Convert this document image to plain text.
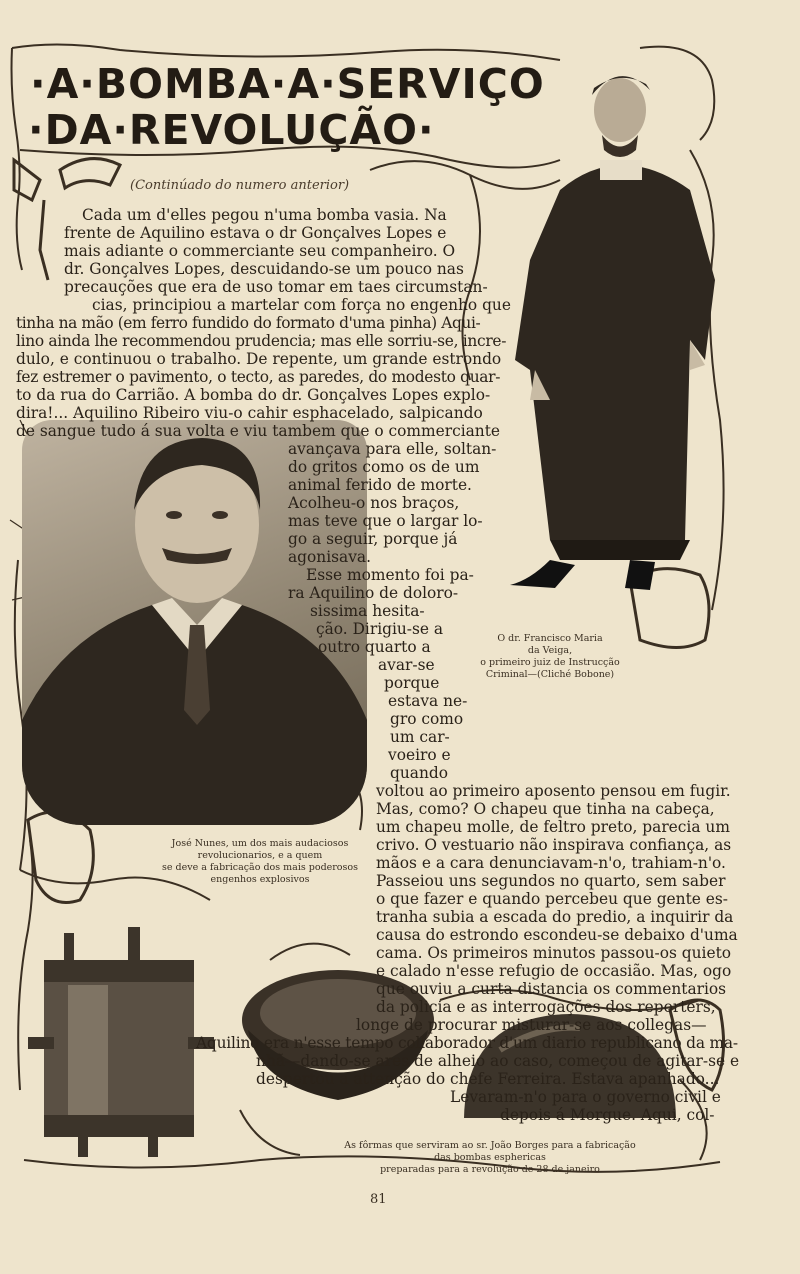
·A·BOMBA·A·SERVIÇO
·DA·REVOLUÇÃO·
(Continúado do numero anterior)
O dr. Francisco Maria
da Veiga,
o primeiro juiz de Instrucção
Criminal—(Cliché Bobone)
José Nunes, um dos mais audaciosos
revolucionarios, e a quem
se deve a fabricação dos mais poderosos
engenhos explosivos
As fôrmas que serviram ao sr. João Borges para a fabricação
das bombas esphericas
preparadas para a revolução de 28 de janeiro
Cada um d'elles pegou n'uma bomba vasia. Na
frente de Aquilino estava o dr Gonçalves Lopes e
mais adiante o commerciante seu companheiro. O
dr. Gonçalves Lopes, descuidando-se um pouco nas
precauções que era de uso tomar em taes circumstan-
cias, principiou a martelar com força no engenho que
tinha na mão (em ferro fundido do formato d'uma pinha) Aqui-
lino ainda lhe recommendou prudencia; mas elle sorriu-se, incre-
dulo, e continuou o trabalho. De repente, um grande estrondo
fez estremer o pavimento, o tecto, as paredes, do modesto quar-
to da rua do Carrião. A bomba do dr. Gonçalves Lopes explo-
dira!... Aquilino Ribeiro viu-o cahir esphacelado, salpicando
de sangue tudo á sua volta e viu tambem que o commerciante
avançava para elle, soltan-
do gritos como os de um
animal ferido de morte.
Acolheu-o nos braços,
mas teve que o largar lo-
go a seguir, porque já
agonisava.
Esse momento foi pa-
ra Aquilino de doloro-
sissima hesita-
ção. Dirigiu-se a
outro quarto a
avar-se
porque
estava ne-
gro como
um car-
voeiro e
quando
voltou ao primeiro aposento pensou em fugir.
Mas, como? O chapeu que tinha na cabeça,
um chapeu molle, de feltro preto, parecia um
crivo. O vestuario não inspirava confiança, as
mãos e a cara denunciavam-n'o, trahiam-n'o.
Passeiou uns segundos no quarto, sem saber
o que fazer e quando percebeu que gente es-
tranha subia a escada do predio, a inquirir da
causa do estrondo escondeu-se debaixo d'uma
cama. Os primeiros minutos passou-os quieto
e calado n'esse refugio de occasião. Mas, ogo
que ouviu a curta distancia os commentarios
da policia e as interrogações dos reporters,
longe de procurar misturar-se aos collegas—
Aquilino era n'esse tempo collaborador d'um diario republicano da ma-
nhã—dando-se ares de alheio ao caso, começou de agitar-se e
despertou a attenção do chefe Ferreira. Estava apanhado...
Levaram-n'o para o governo civil e
depois á Morgue. Aqui, col-
81
